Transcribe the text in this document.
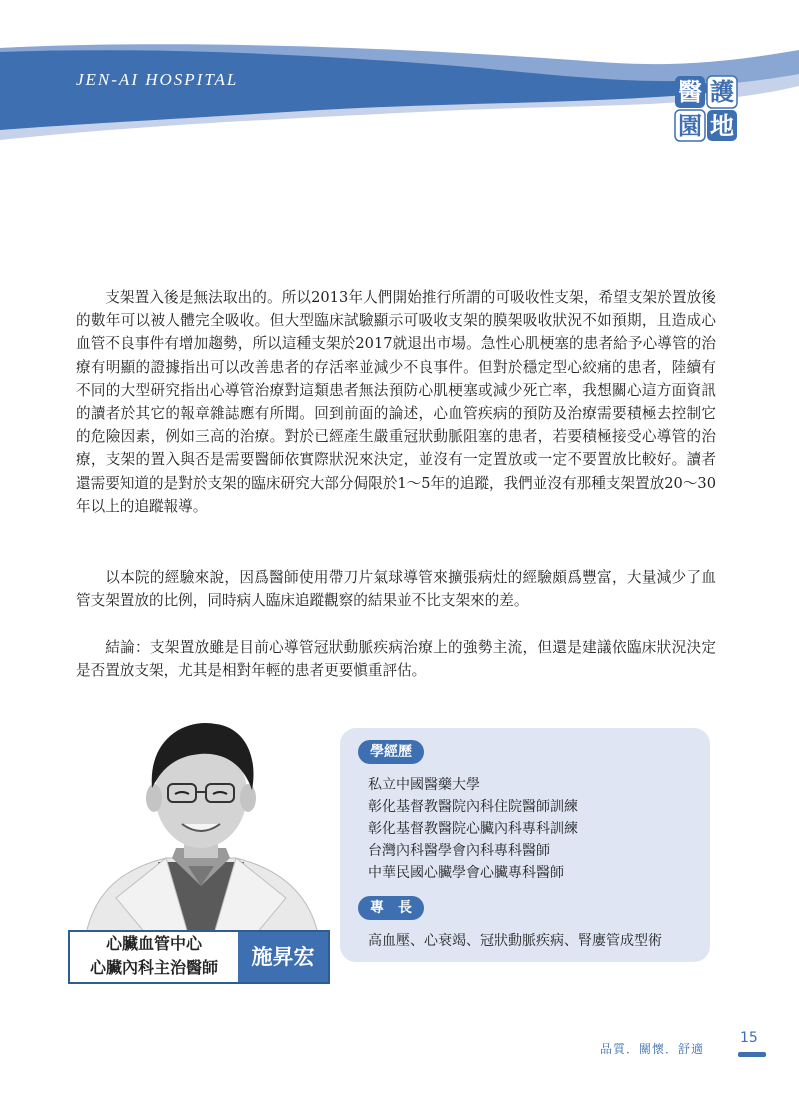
JEN-AI HOSPITAL	醫 護
園 地

支架置入後是無法取出的。所以2013年人們開始推行所謂的可吸收性支架，希望支架於置放後的數年可以被人體完全吸收。但大型臨床試驗顯示可吸收支架的膜架吸收狀況不如預期，且造成心血管不良事件有增加趨勢，所以這種支架於2017就退出市場。急性心肌梗塞的患者給予心導管的治療有明顯的證據指出可以改善患者的存活率並減少不良事件。但對於穩定型心絞痛的患者，陸續有不同的大型研究指出心導管治療對這類患者無法預防心肌梗塞或減少死亡率，我想關心這方面資訊的讀者於其它的報章雜誌應有所聞。回到前面的論述，心血管疾病的預防及治療需要積極去控制它的危險因素，例如三高的治療。對於已經產生嚴重冠狀動脈阻塞的患者，若要積極接受心導管的治療，支架的置入與否是需要醫師依實際狀況來決定，並沒有一定置放或一定不要置放比較好。讀者還需要知道的是對於支架的臨床研究大部分侷限於1～5年的追蹤，我們並沒有那種支架置放20～30年以上的追蹤報導。

以本院的經驗來說，因爲醫師使用帶刀片氣球導管來擴張病灶的經驗頗爲豐富，大量減少了血管支架置放的比例，同時病人臨床追蹤觀察的結果並不比支架來的差。

結論：支架置放雖是目前心導管冠狀動脈疾病治療上的強勢主流，但還是建議依臨床狀況決定是否置放支架，尤其是相對年輕的患者更要愼重評估。

心臟血管中心
心臟內科主治醫師	施昇宏
學經歷
私立中國醫藥大學
彰化基督教醫院內科住院醫師訓練
彰化基督教醫院心臟內科專科訓練
台灣內科醫學會內科專科醫師
中華民國心臟學會心臟專科醫師
專　長
高血壓、心衰竭、冠狀動脈疾病、腎廔管成型術
品質．關懷．舒適
15
